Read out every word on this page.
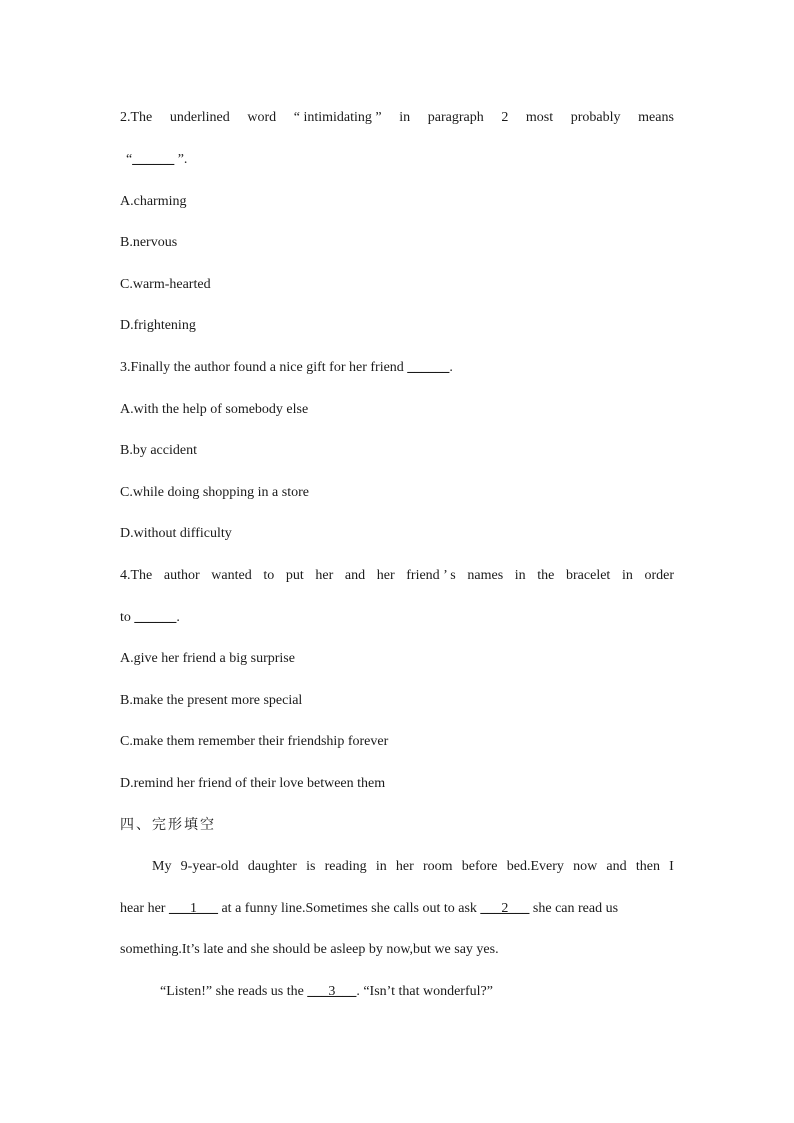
2.The underlined word “ intimidating ” in paragraph 2 most probably means
“______ ”.
A.charming
B.nervous
C.warm-hearted
D.frightening
3.Finally the author found a nice gift for her friend ______.
A.with the help of somebody else
B.by accident
C.while doing shopping in a store
D.without difficulty
4.The author wanted to put her and her friend ’ s names in the bracelet in order
to ______.
A.give her friend a big surprise
B.make the present more special
C.make them remember their friendship forever
D.remind her friend of their love between them
四、完形填空
My 9-year-old daughter is reading in her room before bed.Every now and then I
hear her ___1___ at a funny line.Sometimes she calls out to ask ___2___ she can read us
something.It’s late and she should be asleep by now,but we say yes.
“Listen!” she reads us the ___3___. “Isn’t that wonderful?”
